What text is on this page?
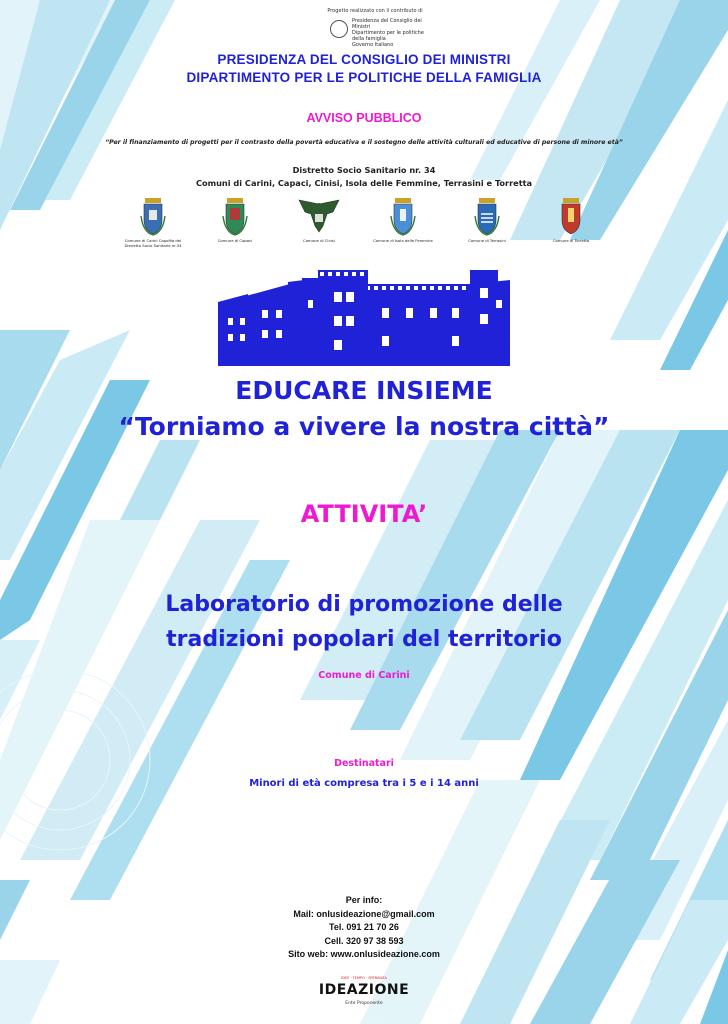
Progetto realizzato con il contributo di
Presidenza del Consiglio dei Ministri
Dipartimento per le politiche della famiglia
Governo Italiano
PRESIDENZA DEL CONSIGLIO DEI MINISTRI
DIPARTIMENTO PER LE POLITICHE DELLA FAMIGLIA
AVVISO PUBBLICO
“Per il finanziamento di progetti per il contrasto della povertà educativa e il sostegno delle attività culturali ed educative di persone di minore età”
Distretto Socio Sanitario nr. 34
Comuni di Carini, Capaci, Cinisi, Isola delle Femmine, Terrasini e Torretta
Comune di Carini Capofila del Distretto Socio Sanitario nr.34
Comune di Capaci	Comune di Cinisi	Comune di Isola delle Femmine	Comune di Terrasini	Comune di Torretta
EDUCARE INSIEME
“Torniamo a vivere la nostra città”
ATTIVITA’
Laboratorio di promozione delle
tradizioni popolari del territorio
Comune di Carini
Destinatari
Minori di età compresa tra i 5 e i 14 anni
Per info:
Mail: onlusideazione@gmail.com
Tel. 091 21 70 26
Cell. 320 97 38 593
Sito web: www.onlusideazione.com
IDEE · TEMPO · SPERANZA
IDEAZIONE
Ente Proponente
